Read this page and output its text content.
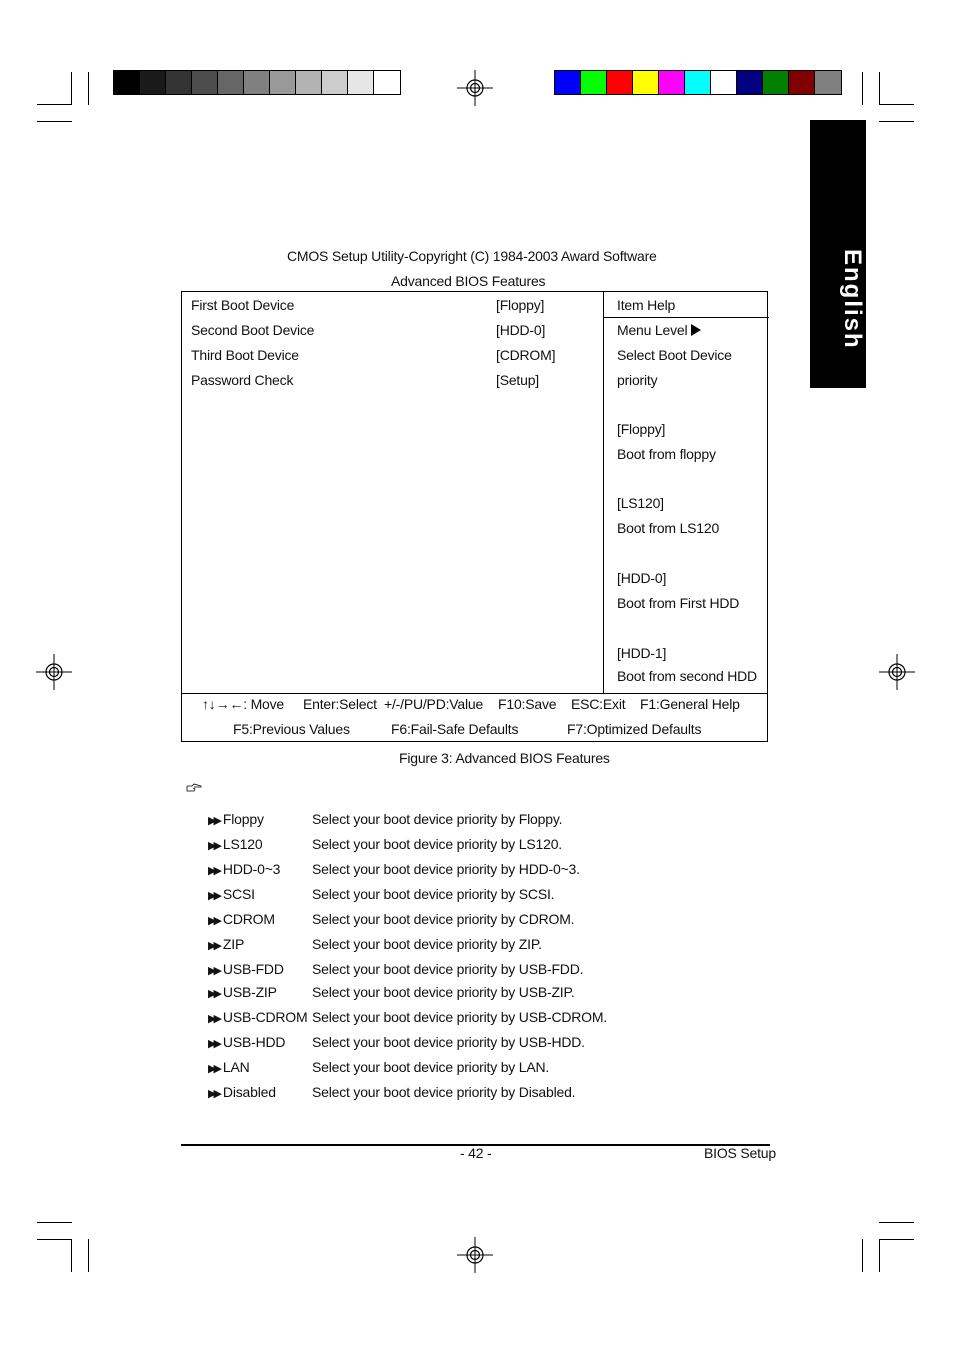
English
CMOS Setup Utility-Copyright (C) 1984-2003 Award Software
Advanced BIOS Features
First Boot Device	[Floppy]
Second Boot Device	[HDD-0]
Third Boot Device	[CDROM]
Password Check	[Setup]
Item Help
Menu Level
Select Boot Device
priority
[Floppy]
Boot from floppy
[LS120]
Boot from LS120
[HDD-0]
Boot from First HDD
[HDD-1]
Boot from second HDD
↑↓→←: Move Enter:Select +/-/PU/PD:Value F10:Save ESC:Exit F1:General Help
F5:Previous Values	F6:Fail-Safe Defaults	F7:Optimized Defaults
Figure 3: Advanced BIOS Features
▶▶ Floppy	Select your boot device priority by Floppy.
▶▶ LS120	Select your boot device priority by LS120.
▶▶ HDD-0~3 Select your boot device priority by HDD-0~3.
▶▶ SCSI	Select your boot device priority by SCSI.
▶▶ CDROM	Select your boot device priority by CDROM.
▶▶ ZIP	Select your boot device priority by ZIP.
▶▶ USB-FDD Select your boot device priority by USB-FDD.
▶▶ USB-ZIP	Select your boot device priority by USB-ZIP.
▶▶ USB-CDROM Select your boot device priority by USB-CDROM.
▶▶ USB-HDD Select your boot device priority by USB-HDD.
▶▶ LAN	Select your boot device priority by LAN.
▶▶ Disabled	Select your boot device priority by Disabled.
- 42 -	BIOS Setup
